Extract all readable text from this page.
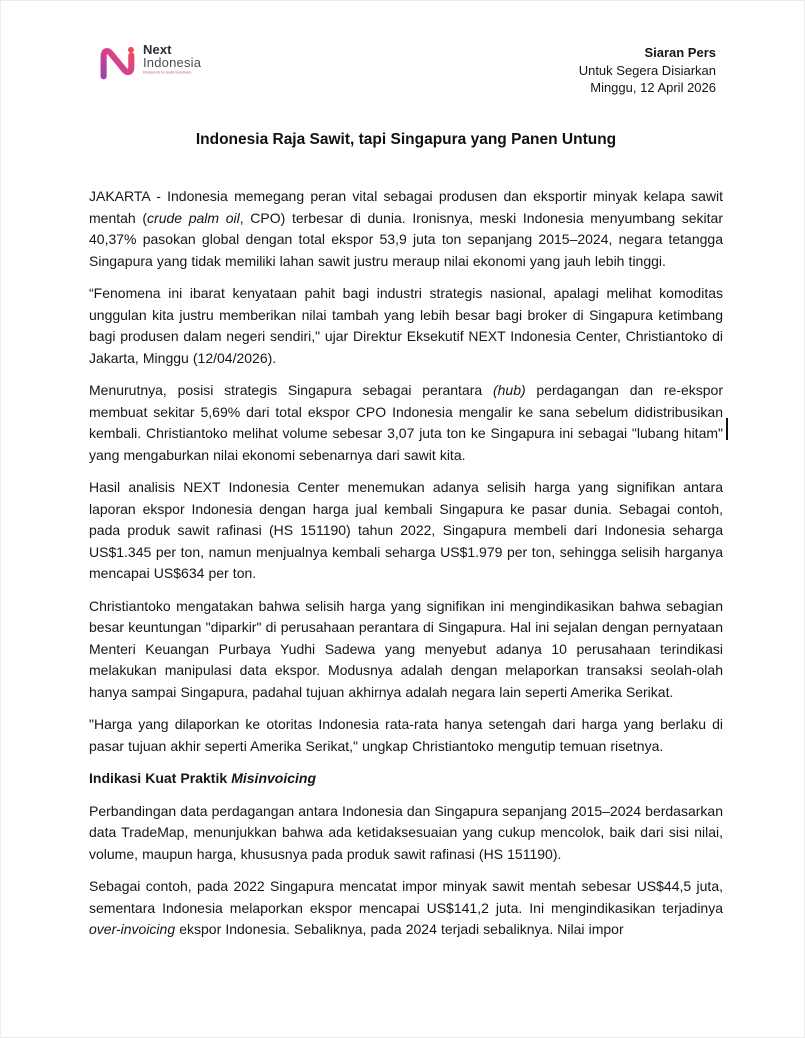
Next
Indonesia
Research to build Solutions
Siaran Pers
Untuk Segera Disiarkan
Minggu, 12 April 2026
Indonesia Raja Sawit, tapi Singapura yang Panen Untung

JAKARTA - Indonesia memegang peran vital sebagai produsen dan eksportir minyak kelapa sawit mentah (crude palm oil, CPO) terbesar di dunia. Ironisnya, meski Indonesia menyumbang sekitar 40,37% pasokan global dengan total ekspor 53,9 juta ton sepanjang 2015–2024, negara tetangga Singapura yang tidak memiliki lahan sawit justru meraup nilai ekonomi yang jauh lebih tinggi.

“Fenomena ini ibarat kenyataan pahit bagi industri strategis nasional, apalagi melihat komoditas unggulan kita justru memberikan nilai tambah yang lebih besar bagi broker di Singapura ketimbang bagi produsen dalam negeri sendiri," ujar Direktur Eksekutif NEXT Indonesia Center, Christiantoko di Jakarta, Minggu (12/04/2026).

Menurutnya, posisi strategis Singapura sebagai perantara (hub) perdagangan dan re-ekspor membuat sekitar 5,69% dari total ekspor CPO Indonesia mengalir ke sana sebelum didistribusikan kembali. Christiantoko melihat volume sebesar 3,07 juta ton ke Singapura ini sebagai "lubang hitam" yang mengaburkan nilai ekonomi sebenarnya dari sawit kita.

Hasil analisis NEXT Indonesia Center menemukan adanya selisih harga yang signifikan antara laporan ekspor Indonesia dengan harga jual kembali Singapura ke pasar dunia. Sebagai contoh, pada produk sawit rafinasi (HS 151190) tahun 2022, Singapura membeli dari Indonesia seharga US$1.345 per ton, namun menjualnya kembali seharga US$1.979 per ton, sehingga selisih harganya mencapai US$634 per ton.

Christiantoko mengatakan bahwa selisih harga yang signifikan ini mengindikasikan bahwa sebagian besar keuntungan "diparkir" di perusahaan perantara di Singapura. Hal ini sejalan dengan pernyataan Menteri Keuangan Purbaya Yudhi Sadewa yang menyebut adanya 10 perusahaan terindikasi melakukan manipulasi data ekspor. Modusnya adalah dengan melaporkan transaksi seolah-olah hanya sampai Singapura, padahal tujuan akhirnya adalah negara lain seperti Amerika Serikat.

"Harga yang dilaporkan ke otoritas Indonesia rata-rata hanya setengah dari harga yang berlaku di pasar tujuan akhir seperti Amerika Serikat," ungkap Christiantoko mengutip temuan risetnya.

Indikasi Kuat Praktik Misinvoicing

Perbandingan data perdagangan antara Indonesia dan Singapura sepanjang 2015–2024 berdasarkan data TradeMap, menunjukkan bahwa ada ketidaksesuaian yang cukup mencolok, baik dari sisi nilai, volume, maupun harga, khususnya pada produk sawit rafinasi (HS 151190).

Sebagai contoh, pada 2022 Singapura mencatat impor minyak sawit mentah sebesar US$44,5 juta, sementara Indonesia melaporkan ekspor mencapai US$141,2 juta. Ini mengindikasikan terjadinya over-invoicing ekspor Indonesia. Sebaliknya, pada 2024 terjadi sebaliknya. Nilai impor
